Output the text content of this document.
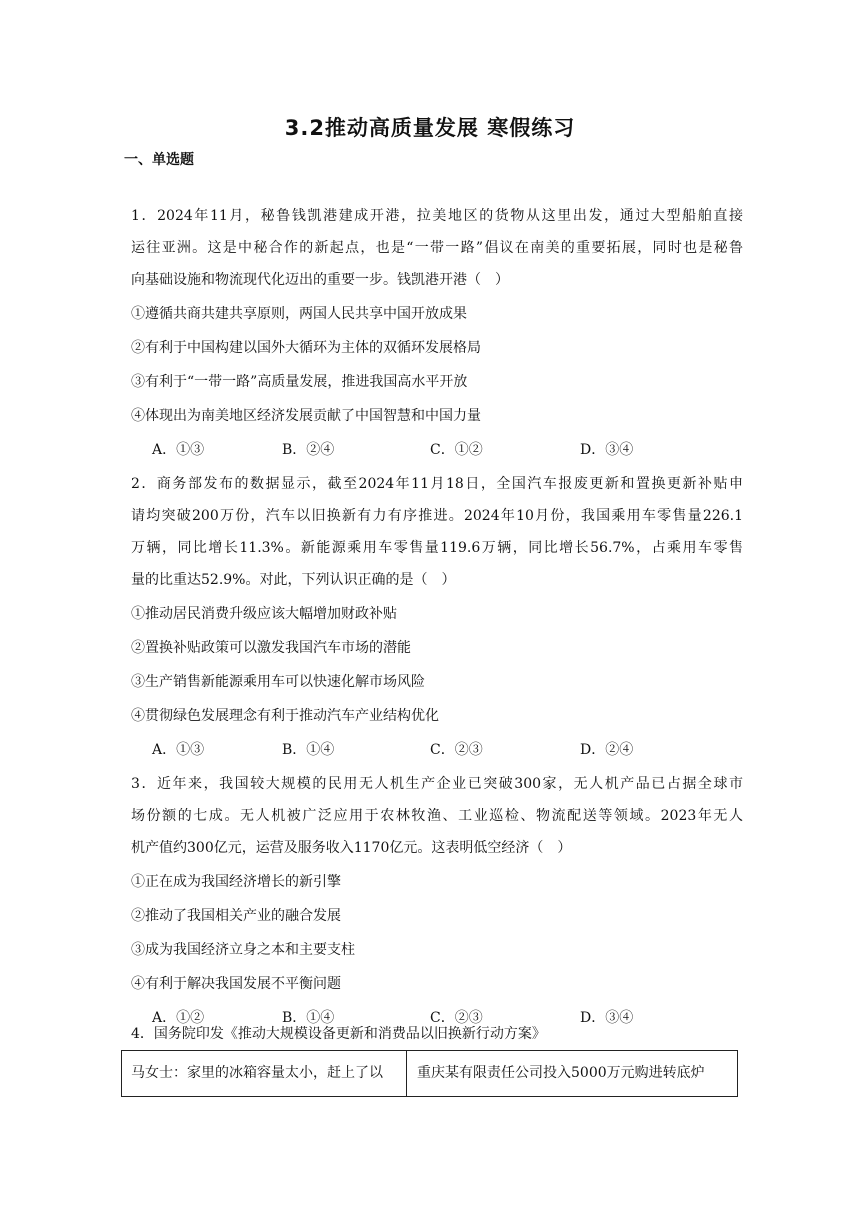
3.2推动高质量发展 寒假练习
一、单选题
1．2024年11月，秘鲁钱凯港建成开港，拉美地区的货物从这里出发，通过大型船舶直接
运往亚洲。这是中秘合作的新起点，也是“一带一路”倡议在南美的重要拓展，同时也是秘鲁
向基础设施和物流现代化迈出的重要一步。钱凯港开港（　）
①遵循共商共建共享原则，两国人民共享中国开放成果
②有利于中国构建以国外大循环为主体的双循环发展格局
③有利于“一带一路”高质量发展，推进我国高水平开放
④体现出为南美地区经济发展贡献了中国智慧和中国力量
A．①③	B．②④	C．①②	D．③④
2．商务部发布的数据显示，截至2024年11月18日，全国汽车报废更新和置换更新补贴申
请均突破200万份，汽车以旧换新有力有序推进。2024年10月份，我国乘用车零售量226.1
万辆，同比增长11.3%。新能源乘用车零售量119.6万辆，同比增长56.7%，占乘用车零售
量的比重达52.9%。对此，下列认识正确的是（　）
①推动居民消费升级应该大幅增加财政补贴
②置换补贴政策可以激发我国汽车市场的潜能
③生产销售新能源乘用车可以快速化解市场风险
④贯彻绿色发展理念有利于推动汽车产业结构优化
A．①③	B．①④	C．②③	D．②④
3．近年来，我国较大规模的民用无人机生产企业已突破300家，无人机产品已占据全球市
场份额的七成。无人机被广泛应用于农林牧渔、工业巡检、物流配送等领域。2023年无人
机产值约300亿元，运营及服务收入1170亿元。这表明低空经济（　）
①正在成为我国经济增长的新引擎
②推动了我国相关产业的融合发展
③成为我国经济立身之本和主要支柱
④有利于解决我国发展不平衡问题
A．①②	B．①④	C．②③	D．③④
4．国务院印发《推动大规模设备更新和消费品以旧换新行动方案》
马女士：家里的冰箱容量太小，赶上了以	重庆某有限责任公司投入5000万元购进转底炉
